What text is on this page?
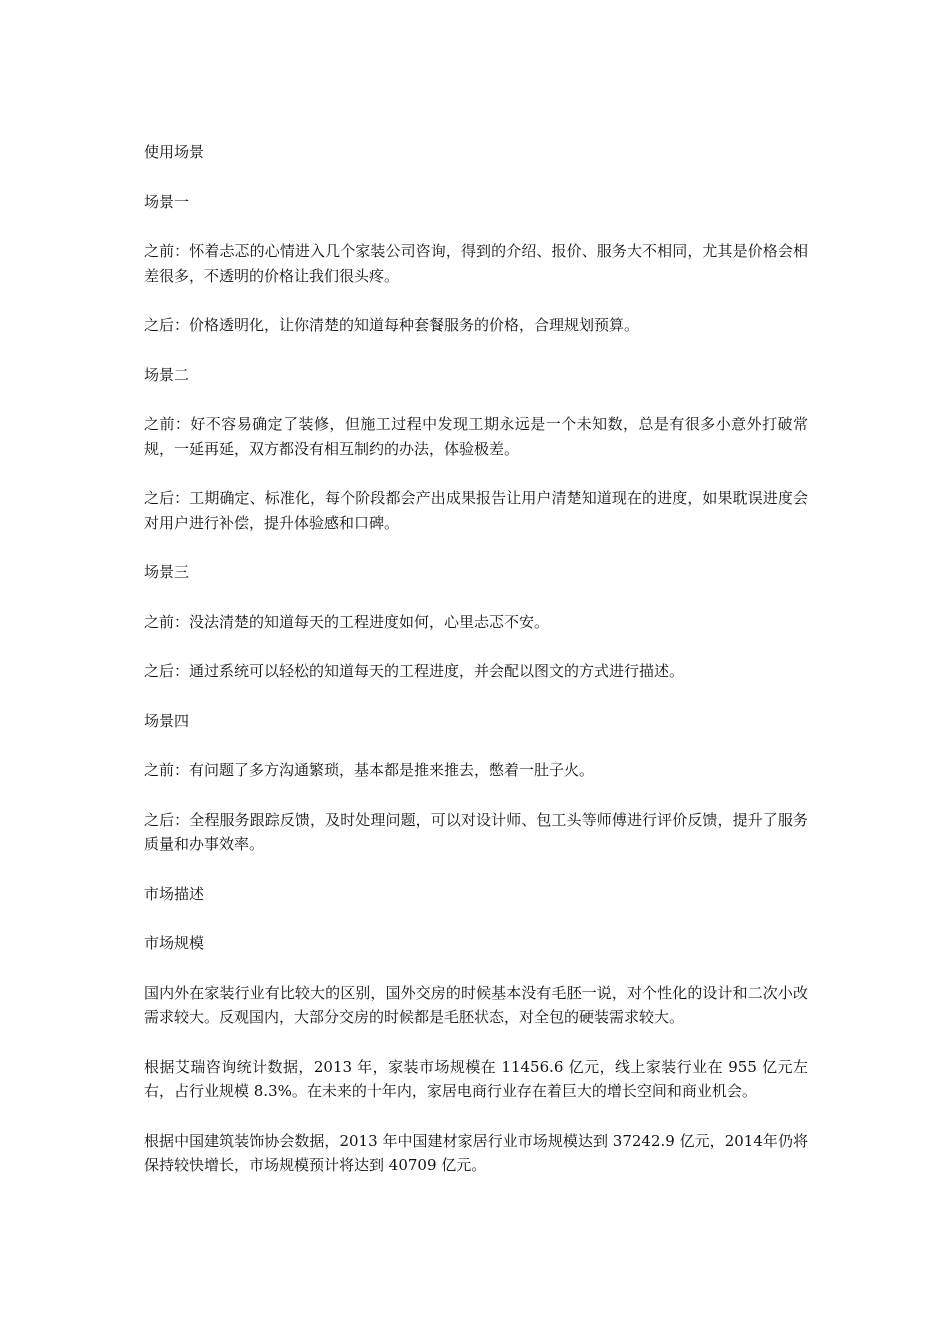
使用场景
场景一

之前：怀着忐忑的心情进入几个家装公司咨询，得到的介绍、报价、服务大不相同，尤其是价格会相差很多，不透明的价格让我们很头疼。

之后：价格透明化，让你清楚的知道每种套餐服务的价格，合理规划预算。

场景二

之前：好不容易确定了装修，但施工过程中发现工期永远是一个未知数，总是有很多小意外打破常规，一延再延，双方都没有相互制约的办法，体验极差。

之后：工期确定、标准化，每个阶段都会产出成果报告让用户清楚知道现在的进度，如果耽误进度会对用户进行补偿，提升体验感和口碑。

场景三

之前：没法清楚的知道每天的工程进度如何，心里忐忑不安。

之后：通过系统可以轻松的知道每天的工程进度，并会配以图文的方式进行描述。

场景四

之前：有问题了多方沟通繁琐，基本都是推来推去，憋着一肚子火。

之后：全程服务跟踪反馈，及时处理问题，可以对设计师、包工头等师傅进行评价反馈，提升了服务质量和办事效率。

市场描述
市场规模

国内外在家装行业有比较大的区别，国外交房的时候基本没有毛胚一说，对个性化的设计和二次小改需求较大。反观国内，大部分交房的时候都是毛胚状态，对全包的硬装需求较大。

根据艾瑞咨询统计数据，2013 年，家装市场规模在 11456.6 亿元，线上家装行业在 955 亿元左右，占行业规模 8.3%。在未来的十年内，家居电商行业存在着巨大的增长空间和商业机会。

根据中国建筑装饰协会数据，2013 年中国建材家居行业市场规模达到 37242.9 亿元，2014年仍将保持较快增长，市场规模预计将达到 40709 亿元。
